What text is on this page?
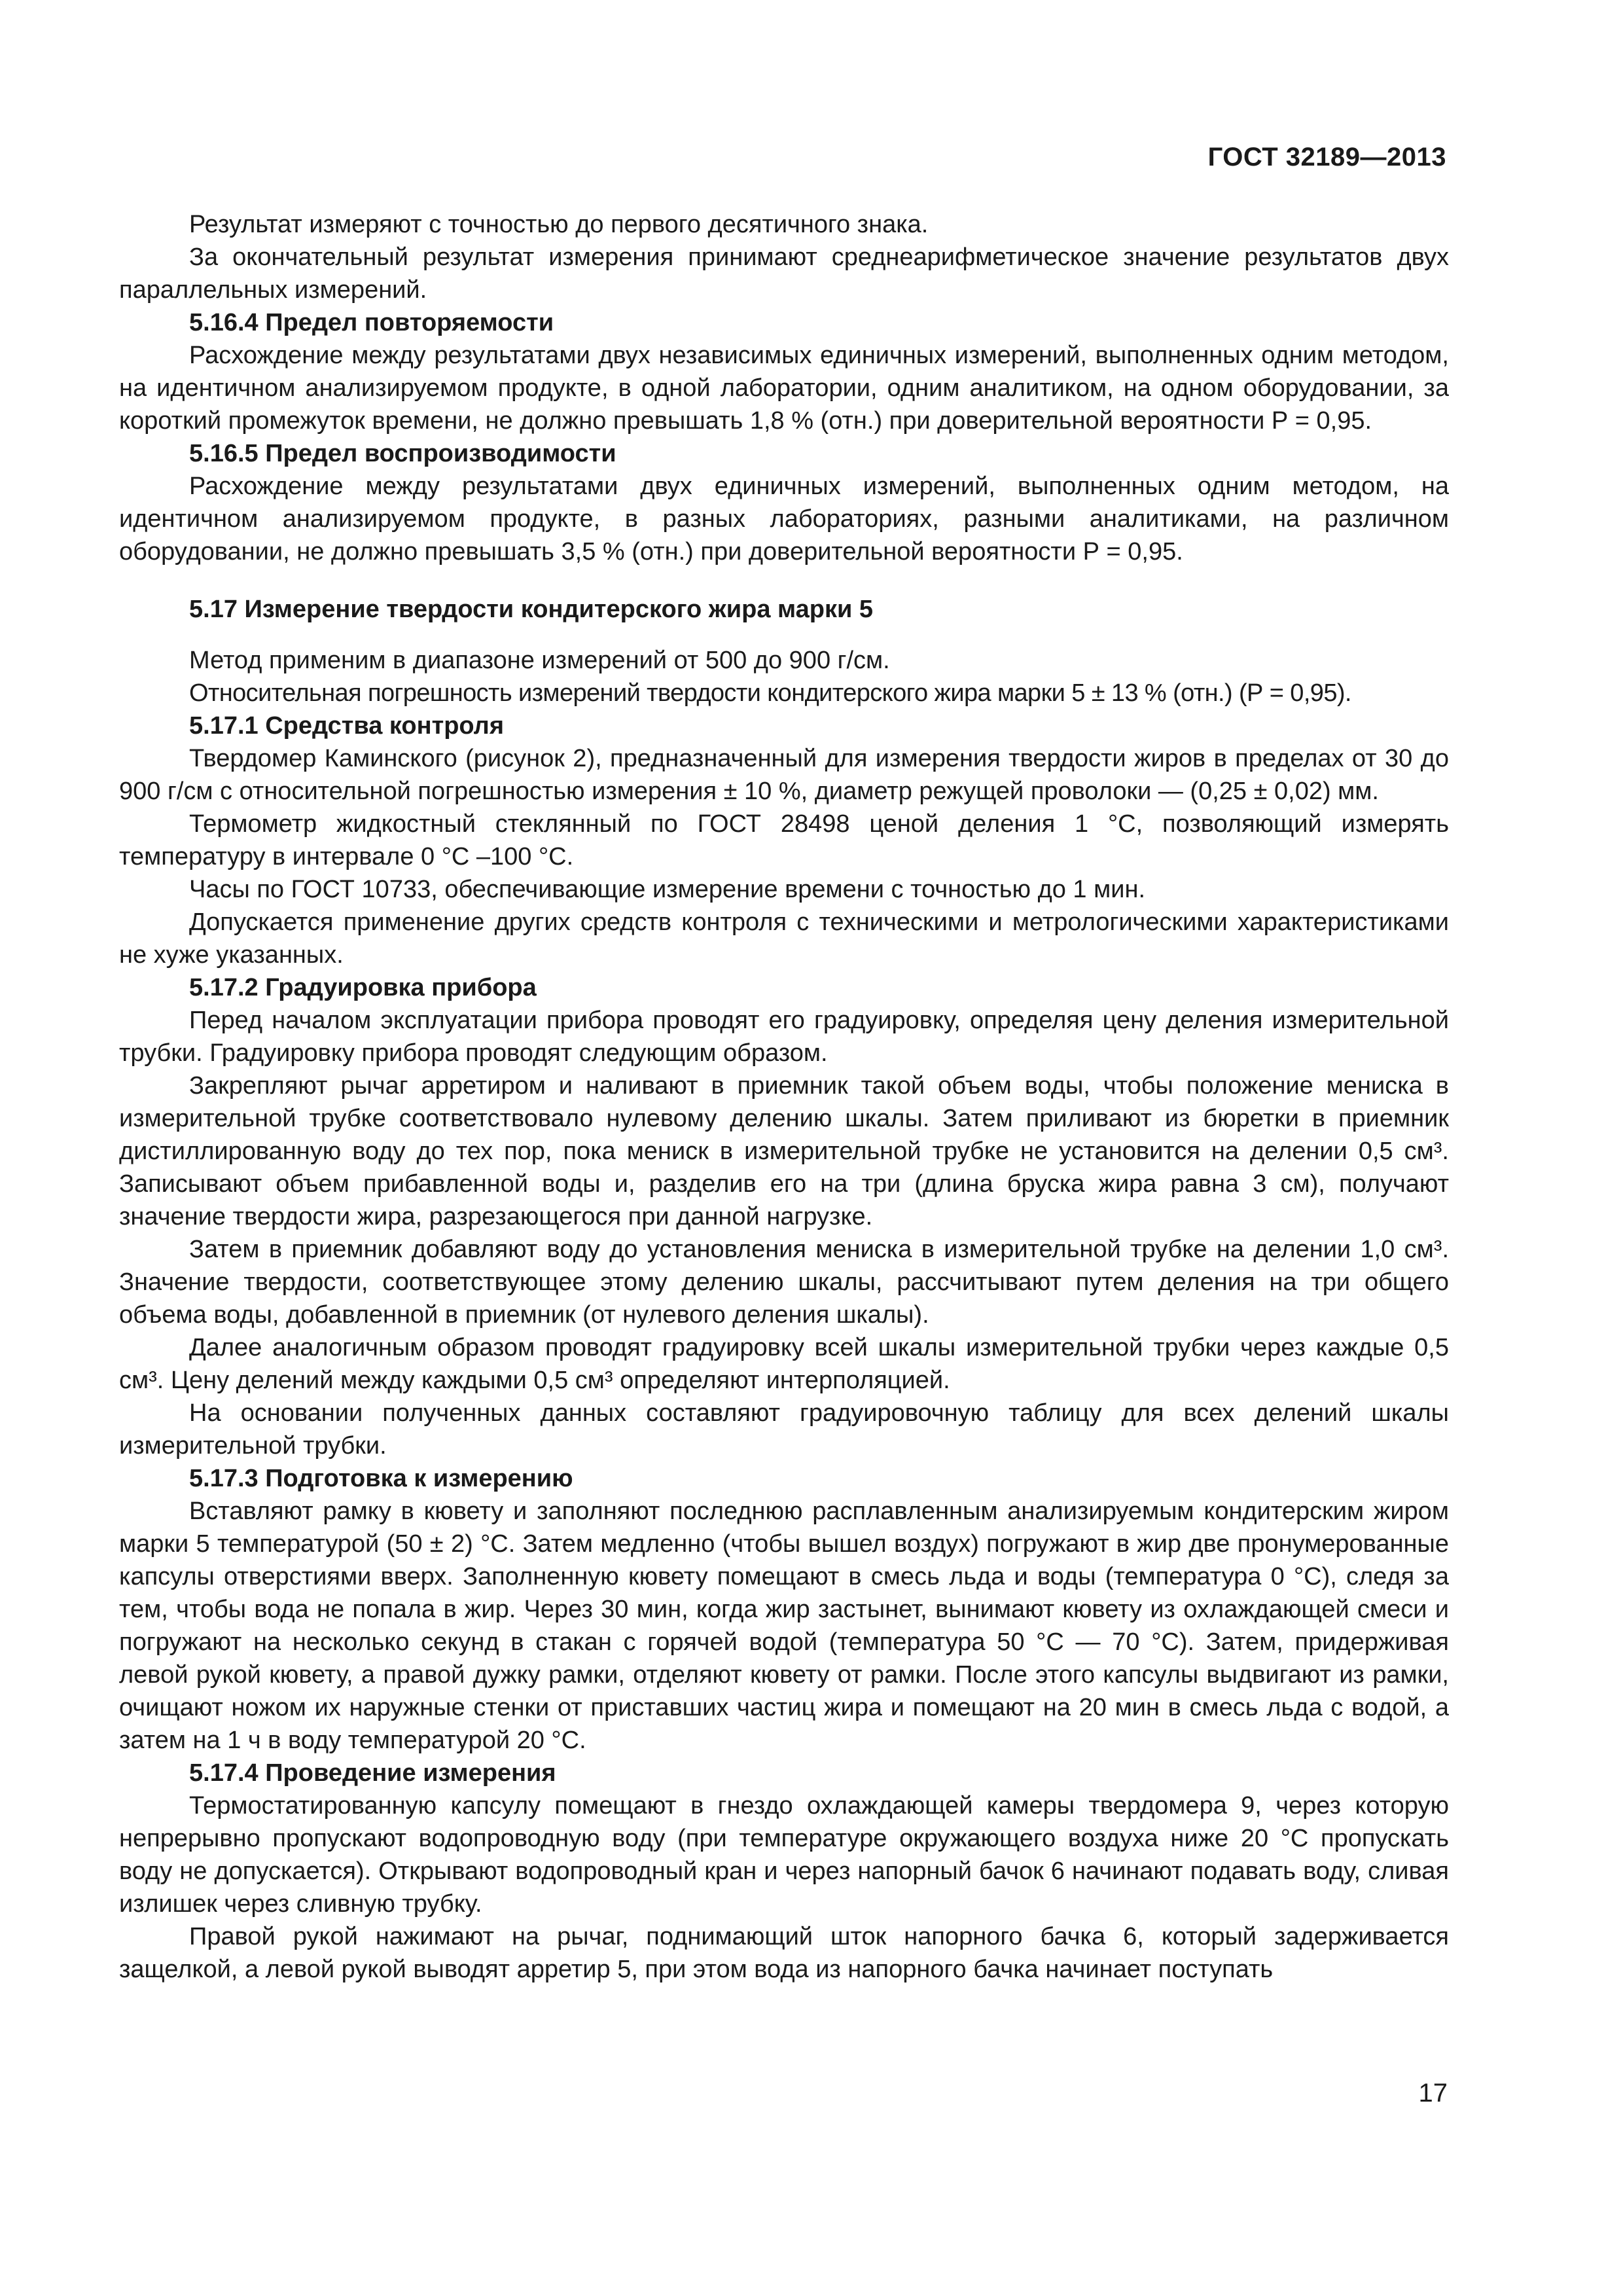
ГОСТ 32189—2013

Результат измеряют с точностью до первого десятичного знака.

За окончательный результат измерения принимают среднеарифметическое значение результатов двух параллельных измерений.

5.16.4 Предел повторяемости

Расхождение между результатами двух независимых единичных измерений, выполненных одним методом, на идентичном анализируемом продукте, в одной лаборатории, одним аналитиком, на одном оборудовании, за короткий промежуток времени, не должно превышать 1,8 % (отн.) при доверительной вероятности Р = 0,95.

5.16.5 Предел воспроизводимости

Расхождение между результатами двух единичных измерений, выполненных одним методом, на идентичном анализируемом продукте, в разных лабораториях, разными аналитиками, на различном оборудовании, не должно превышать 3,5 % (отн.) при доверительной вероятности Р = 0,95.

5.17 Измерение твердости кондитерского жира марки 5

Метод применим в диапазоне измерений от 500 до 900 г/см.

Относительная погрешность измерений твердости кондитерского жира марки 5 ± 13 % (отн.) (Р = 0,95).

5.17.1 Средства контроля

Твердомер Каминского (рисунок 2), предназначенный для измерения твердости жиров в пределах от 30 до 900 г/см с относительной погрешностью измерения ± 10 %, диаметр режущей проволоки — (0,25 ± 0,02) мм.

Термометр жидкостный стеклянный по ГОСТ 28498 ценой деления 1 °С, позволяющий измерять температуру в интервале 0 °С –100 °С.

Часы по ГОСТ 10733, обеспечивающие измерение времени с точностью до 1 мин.

Допускается применение других средств контроля с техническими и метрологическими характеристиками не хуже указанных.

5.17.2 Градуировка прибора

Перед началом эксплуатации прибора проводят его градуировку, определяя цену деления измерительной трубки. Градуировку прибора проводят следующим образом.

Закрепляют рычаг арретиром и наливают в приемник такой объем воды, чтобы положение мениска в измерительной трубке соответствовало нулевому делению шкалы. Затем приливают из бюретки в приемник дистиллированную воду до тех пор, пока мениск в измерительной трубке не установится на делении 0,5 см³. Записывают объем прибавленной воды и, разделив его на три (длина бруска жира равна 3 см), получают значение твердости жира, разрезающегося при данной нагрузке.

Затем в приемник добавляют воду до установления мениска в измерительной трубке на делении 1,0 см³. Значение твердости, соответствующее этому делению шкалы, рассчитывают путем деления на три общего объема воды, добавленной в приемник (от нулевого деления шкалы).

Далее аналогичным образом проводят градуировку всей шкалы измерительной трубки через каждые 0,5 см³. Цену делений между каждыми 0,5 см³ определяют интерполяцией.

На основании полученных данных составляют градуировочную таблицу для всех делений шкалы измерительной трубки.

5.17.3 Подготовка к измерению

Вставляют рамку в кювету и заполняют последнюю расплавленным анализируемым кондитерским жиром марки 5 температурой (50 ± 2) °С. Затем медленно (чтобы вышел воздух) погружают в жир две пронумерованные капсулы отверстиями вверх. Заполненную кювету помещают в смесь льда и воды (температура 0 °С), следя за тем, чтобы вода не попала в жир. Через 30 мин, когда жир застынет, вынимают кювету из охлаждающей смеси и погружают на несколько секунд в стакан с горячей водой (температура 50 °С — 70 °С). Затем, придерживая левой рукой кювету, а правой дужку рамки, отделяют кювету от рамки. После этого капсулы выдвигают из рамки, очищают ножом их наружные стенки от приставших частиц жира и помещают на 20 мин в смесь льда с водой, а затем на 1 ч в воду температурой 20 °С.

5.17.4 Проведение измерения

Термостатированную капсулу помещают в гнездо охлаждающей камеры твердомера 9, через которую непрерывно пропускают водопроводную воду (при температуре окружающего воздуха ниже 20 °С пропускать воду не допускается). Открывают водопроводный кран и через напорный бачок 6 начинают подавать воду, сливая излишек через сливную трубку.

Правой рукой нажимают на рычаг, поднимающий шток напорного бачка 6, который задерживается защелкой, а левой рукой выводят арретир 5, при этом вода из напорного бачка начинает поступать

17
